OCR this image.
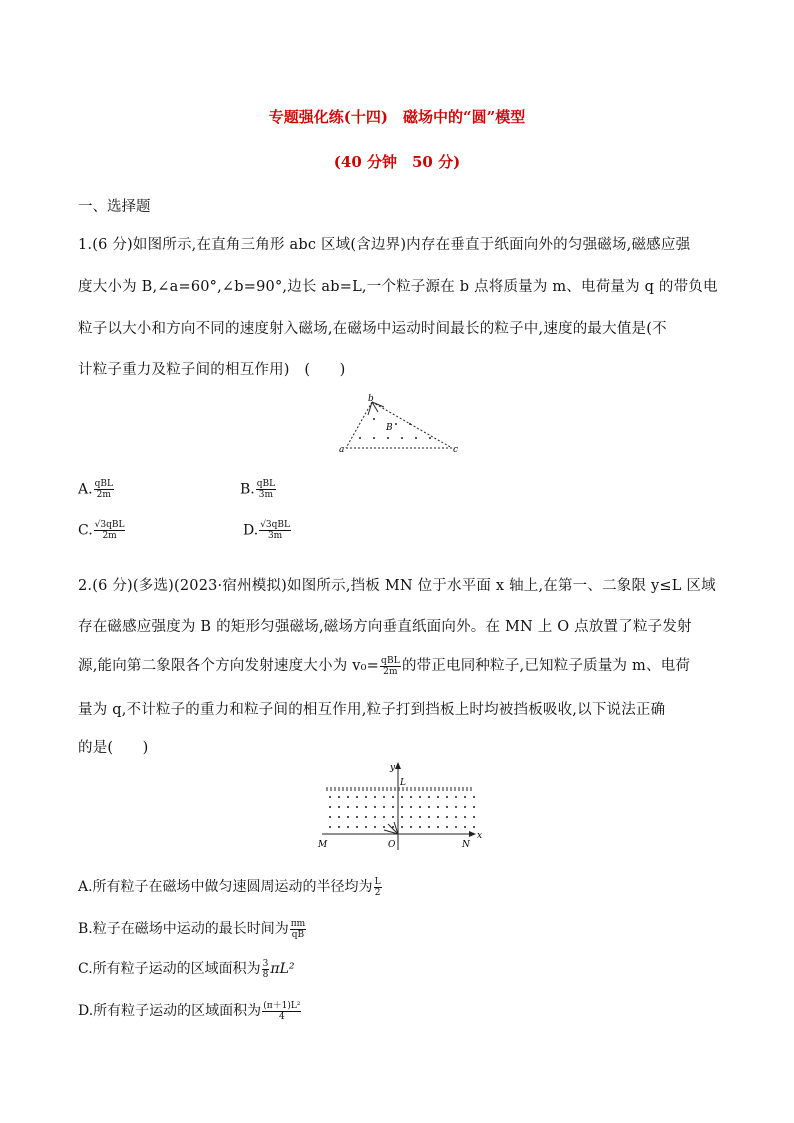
专题强化练(十四)　磁场中的“圆”模型
(40 分钟　50 分)
一、选择题
1.(6 分)如图所示,在直角三角形 abc 区域(含边界)内存在垂直于纸面向外的匀强磁场,磁感应强
度大小为 B,∠a=60°,∠b=90°,边长 ab=L,一个粒子源在 b 点将质量为 m、电荷量为 q 的带负电
粒子以大小和方向不同的速度射入磁场,在磁场中运动时间最长的粒子中,速度的最大值是(不
计粒子重力及粒子间的相互作用)　(　　)
b
B
a	c
A. $\frac{\text{qBL}}{2m}$	B. $\frac{\text{qBL}}{3m}$
C. $\frac{\text{√3qBL}}{2m}$	D. $\frac{\text{√3qBL}}{3m}$
2.(6 分)(多选)(2023·宿州模拟)如图所示,挡板 MN 位于水平面 x 轴上,在第一、二象限 y≤L 区域
存在磁感应强度为 B 的矩形匀强磁场,磁场方向垂直纸面向外。在 MN 上 O 点放置了粒子发射
源,能向第二象限各个方向发射速度大小为 $v_0= \frac{\text{qBL}}{2m}$ 的带正电同种粒子,已知粒子质量为 m、电荷
量为 q,不计粒子的重力和粒子间的相互作用,粒子打到挡板上时均被挡板吸收,以下说法正确
的是(　　)
y
L
M	O	N
x
A.所有粒子在磁场中做匀速圆周运动的半径均为 $\frac{L}{2}$
B.粒子在磁场中运动的最长时间为 $\frac{\pi m}{qB}$
C.所有粒子运动的区域面积为 $\frac{3}{8} \pi L^2$
D.所有粒子运动的区域面积为 $\frac{\text{(π＋1)L²}}{4}$
